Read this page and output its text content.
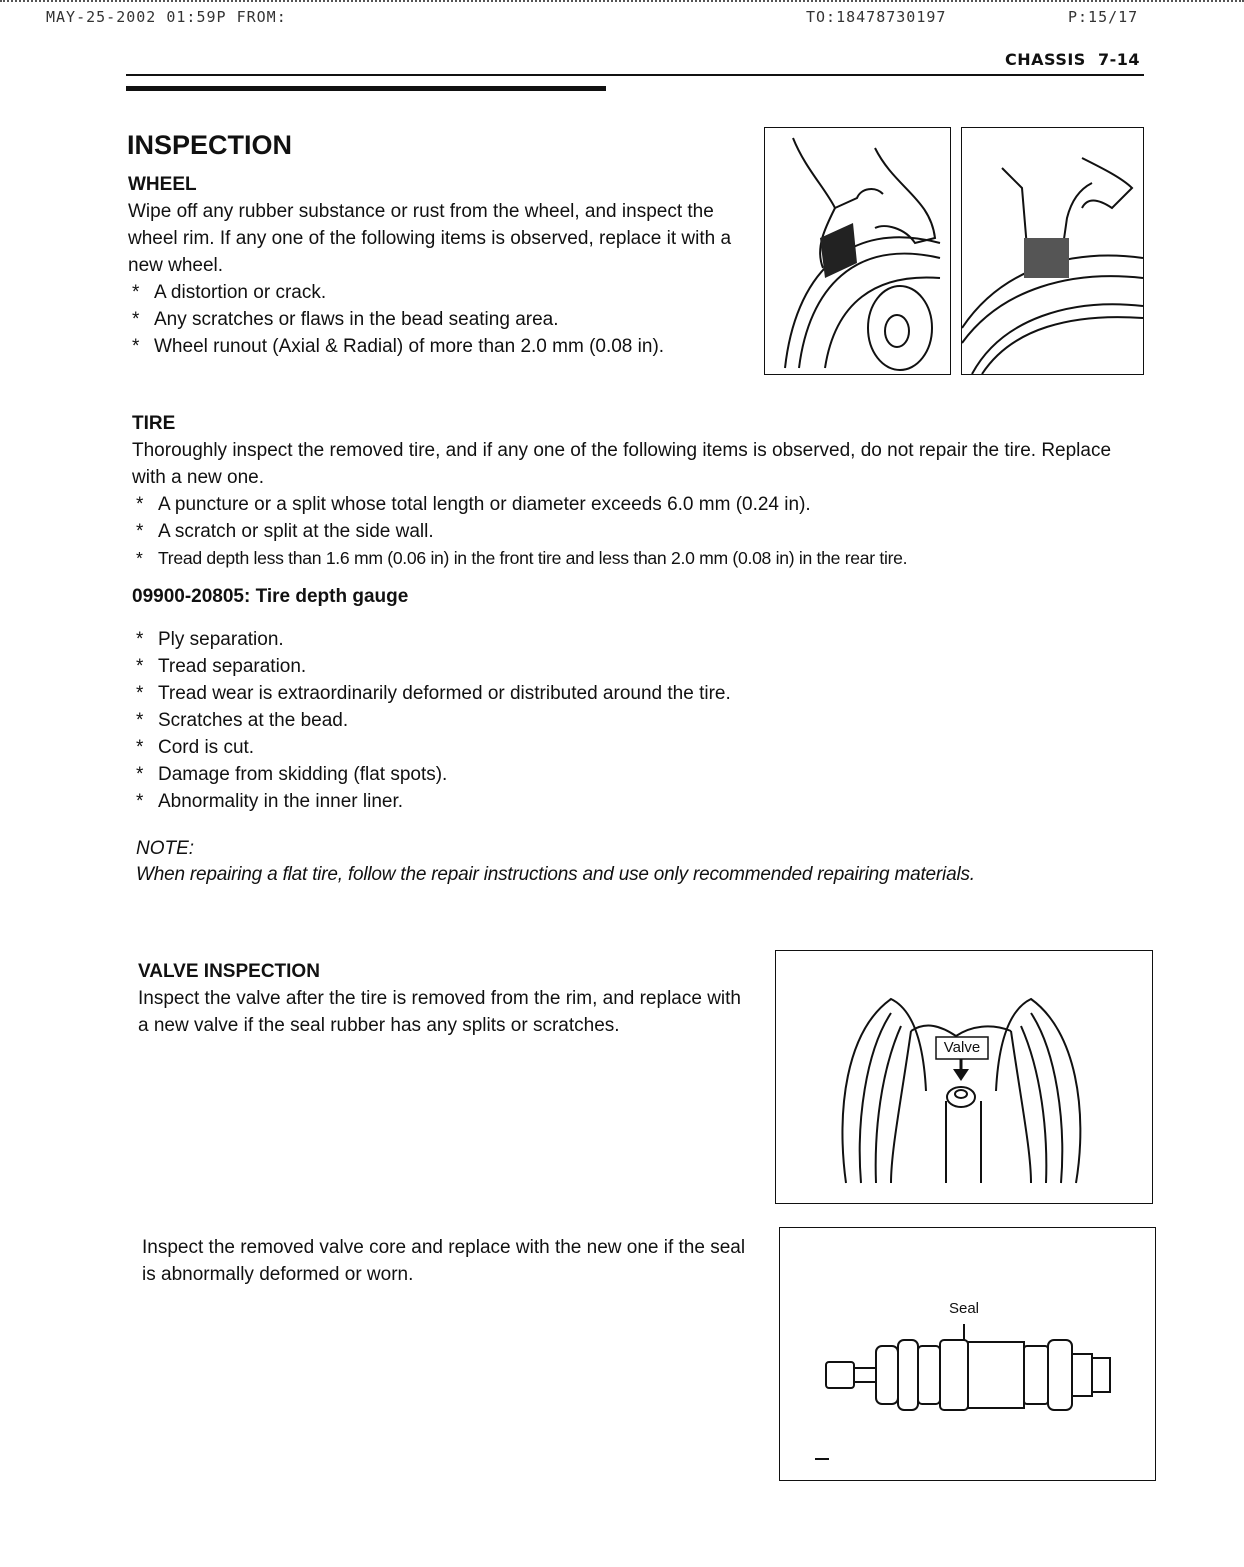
MAY-25-2002 01:59P FROM:	TO:18478730197	P:15/17
CHASSIS  7-14
INSPECTION
WHEEL

Wipe off any rubber substance or rust from the wheel, and inspect the wheel rim. If any one of the following items is observed, replace it with a new wheel.

* A distortion or crack.
* Any scratches or flaws in the bead seating area.
* Wheel runout (Axial & Radial) of more than 2.0 mm (0.08 in).
TIRE

Thoroughly inspect the removed tire, and if any one of the following items is observed, do not repair the tire. Replace with a new one.

* A puncture or a split whose total length or diameter exceeds 6.0 mm (0.24 in).
* A scratch or split at the side wall.
* Tread depth less than 1.6 mm (0.06 in) in the front tire and less than 2.0 mm (0.08 in) in the rear tire.

09900-20805: Tire depth gauge

* Ply separation.
* Tread separation.
* Tread wear is extraordinarily deformed or distributed around the tire.
* Scratches at the bead.
* Cord is cut.
* Damage from skidding (flat spots).
* Abnormality in the inner liner.

NOTE:

When repairing a flat tire, follow the repair instructions and use only recommended repairing materials.

VALVE INSPECTION

Inspect the valve after the tire is removed from the rim, and replace with a new valve if the seal rubber has any splits or scratches.

Valve

Inspect the removed valve core and replace with the new one if the seal is abnormally deformed or worn.

Seal
